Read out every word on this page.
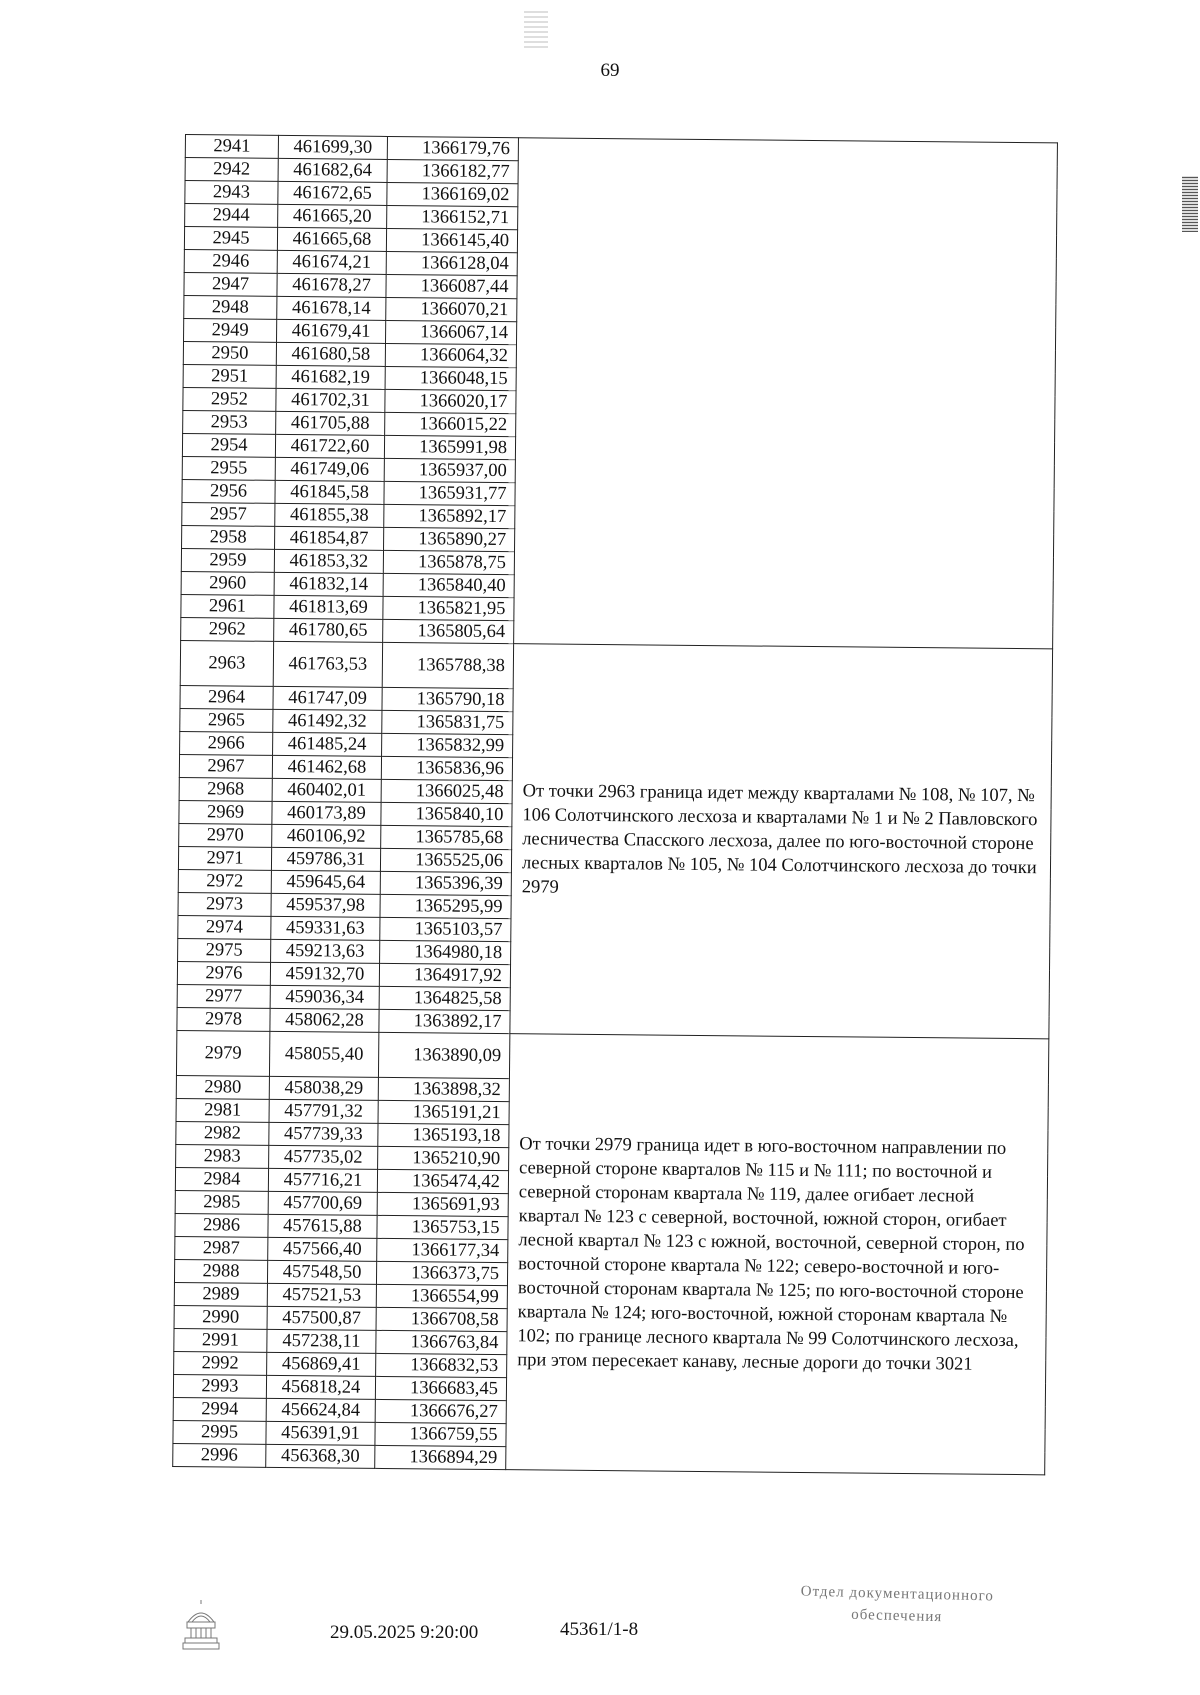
69
2941	461699,30	1366179,76	
2942	461682,64	1366182,77	
2943	461672,65	1366169,02	
2944	461665,20	1366152,71	
2945	461665,68	1366145,40	
2946	461674,21	1366128,04	
2947	461678,27	1366087,44	
2948	461678,14	1366070,21	
2949	461679,41	1366067,14	
2950	461680,58	1366064,32	
2951	461682,19	1366048,15	
2952	461702,31	1366020,17	
2953	461705,88	1366015,22	
2954	461722,60	1365991,98	
2955	461749,06	1365937,00	
2956	461845,58	1365931,77	
2957	461855,38	1365892,17	
2958	461854,87	1365890,27	
2959	461853,32	1365878,75	
2960	461832,14	1365840,40	
2961	461813,69	1365821,95	
2962	461780,65	1365805,64	
2963	461763,53	1365788,38	От точки 2963 граница идет между кварталами № 108, № 107, № 106 Солотчинского лесхоза и кварталами № 1 и № 2 Павловского лесничества Спасского лесхоза, далее по юго-восточной стороне лесных кварталов № 105, № 104 Солотчинского лесхоза до точки 2979
2964	461747,09	1365790,18	
2965	461492,32	1365831,75	
2966	461485,24	1365832,99	
2967	461462,68	1365836,96	
2968	460402,01	1366025,48	
2969	460173,89	1365840,10	
2970	460106,92	1365785,68	
2971	459786,31	1365525,06	
2972	459645,64	1365396,39	
2973	459537,98	1365295,99	
2974	459331,63	1365103,57	
2975	459213,63	1364980,18	
2976	459132,70	1364917,92	
2977	459036,34	1364825,58	
2978	458062,28	1363892,17	
2979	458055,40	1363890,09	От точки 2979 граница идет в юго-восточном направлении по северной стороне кварталов № 115 и № 111; по восточной и северной сторонам квартала № 119, далее огибает лесной квартал № 123 с северной, восточной, южной сторон, огибает лесной квартал № 123 с южной, восточной, северной сторон, по восточной стороне квартала № 122; северо-восточной и юго-восточной сторонам квартала № 125; по юго-восточной стороне квартала № 124; юго-восточной, южной сторонам квартала № 102; по границе лесного квартала № 99 Солотчинского лесхоза, при этом пересекает канаву, лесные дороги до точки 3021
2980	458038,29	1363898,32	
2981	457791,32	1365191,21	
2982	457739,33	1365193,18	
2983	457735,02	1365210,90	
2984	457716,21	1365474,42	
2985	457700,69	1365691,93	
2986	457615,88	1365753,15	
2987	457566,40	1366177,34	
2988	457548,50	1366373,75	
2989	457521,53	1366554,99	
2990	457500,87	1366708,58	
2991	457238,11	1366763,84	
2992	456869,41	1366832,53	
2993	456818,24	1366683,45	
2994	456624,84	1366676,27	
2995	456391,91	1366759,55	
2996	456368,30	1366894,29	
29.05.2025 9:20:00	45361/1-8
Отдел документационного
обеспечения
